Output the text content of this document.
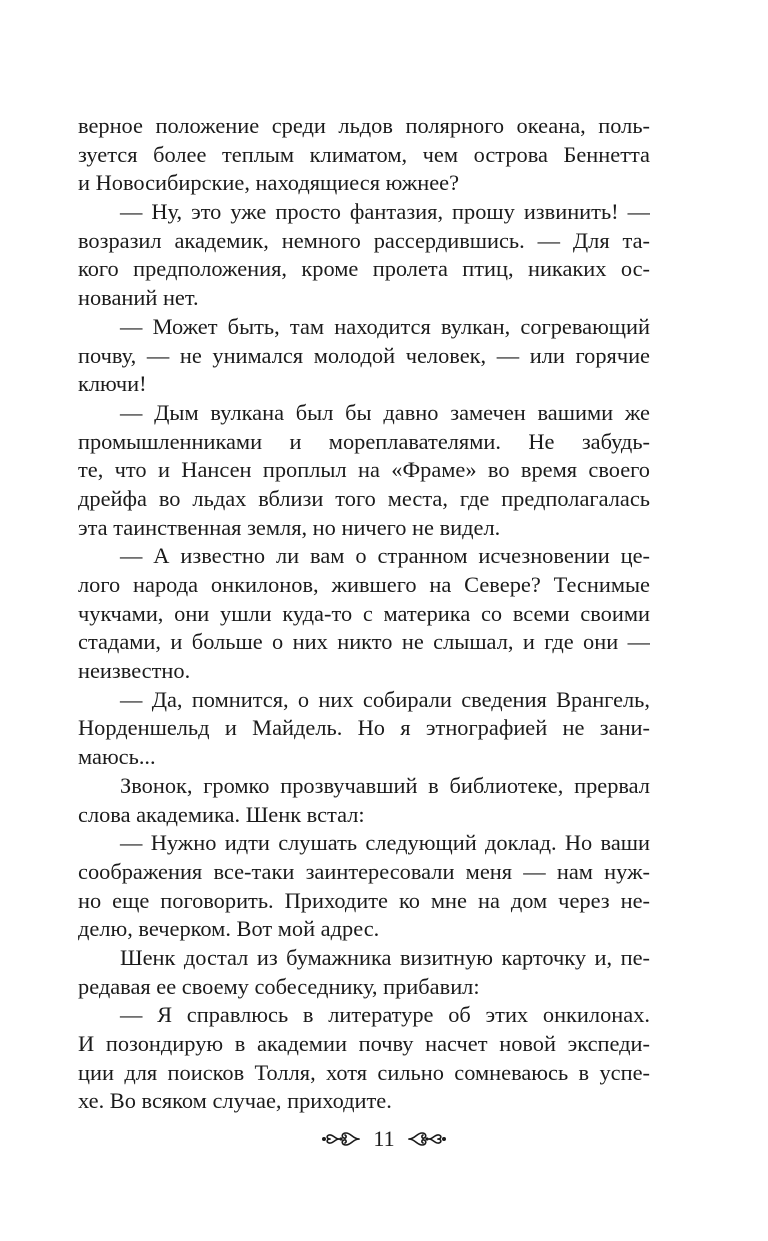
верное положение среди льдов полярного океана, поль-
зуется более теплым климатом, чем острова Беннетта
и Новосибирские, находящиеся южнее?
— Ну, это уже просто фантазия, прошу извинить! —
возразил академик, немного рассердившись. — Для та-
кого предположения, кроме пролета птиц, никаких ос-
нований нет.
— Может быть, там находится вулкан, согревающий
почву, — не унимался молодой человек, — или горячие
ключи!
— Дым вулкана был бы давно замечен вашими же
промышленниками и мореплавателями. Не забудь-
те, что и Нансен проплыл на «Фраме» во время своего
дрейфа во льдах вблизи того места, где предполагалась
эта таинственная земля, но ничего не видел.
— А известно ли вам о странном исчезновении це-
лого народа онкилонов, жившего на Севере? Теснимые
чукчами, они ушли куда-то с материка со всеми своими
стадами, и больше о них никто не слышал, и где они —
неизвестно.
— Да, помнится, о них собирали сведения Врангель,
Норденшельд и Майдель. Но я этнографией не зани-
маюсь...
Звонок, громко прозвучавший в библиотеке, прервал
слова академика. Шенк встал:
— Нужно идти слушать следующий доклад. Но ваши
соображения все-таки заинтересовали меня — нам нуж-
но еще поговорить. Приходите ко мне на дом через не-
делю, вечерком. Вот мой адрес.
Шенк достал из бумажника визитную карточку и, пе-
редавая ее своему собеседнику, прибавил:
— Я справлюсь в литературе об этих онкилонах.
И позондирую в академии почву насчет новой экспеди-
ции для поисков Толля, хотя сильно сомневаюсь в успе-
хе. Во всяком случае, приходите.
11
